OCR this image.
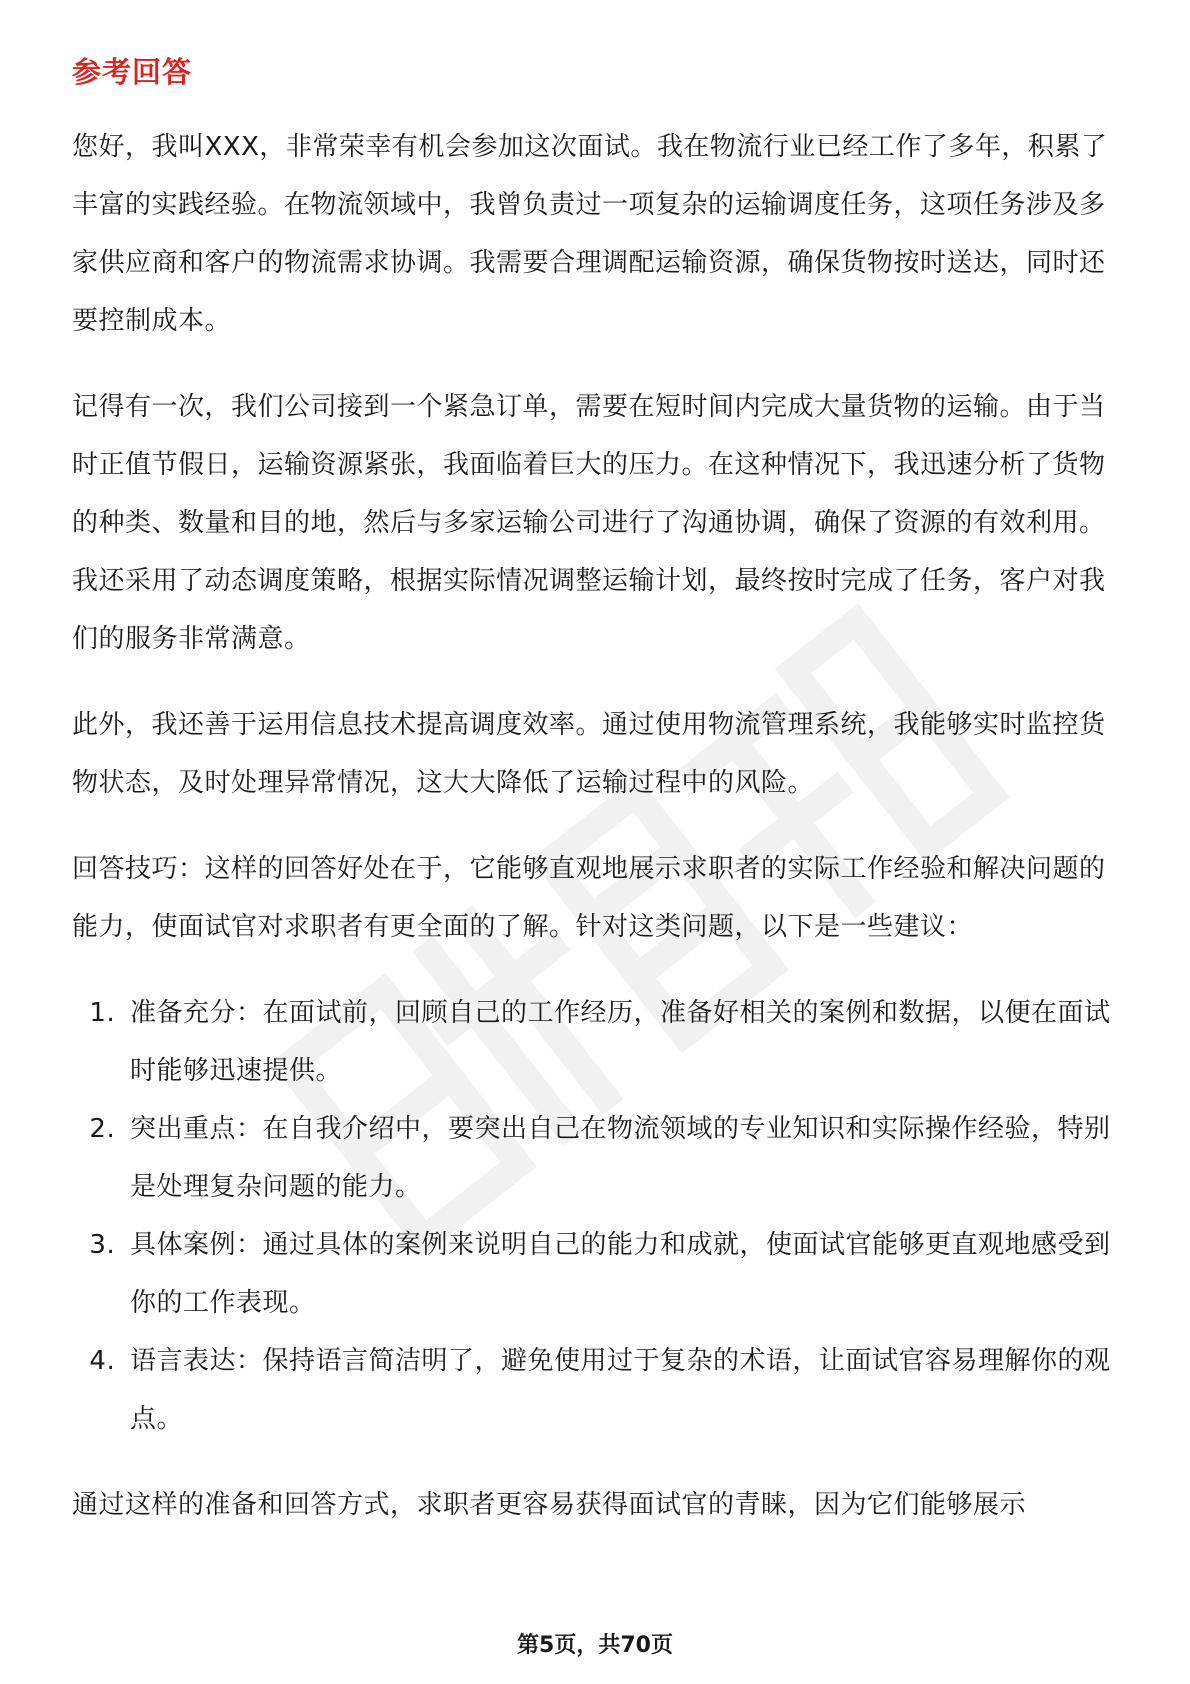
参考回答

您好，我叫XXX，非常荣幸有机会参加这次面试。我在物流行业已经工作了多年，积累了丰富的实践经验。在物流领域中，我曾负责过一项复杂的运输调度任务，这项任务涉及多家供应商和客户的物流需求协调。我需要合理调配运输资源，确保货物按时送达，同时还要控制成本。

记得有一次，我们公司接到一个紧急订单，需要在短时间内完成大量货物的运输。由于当时正值节假日，运输资源紧张，我面临着巨大的压力。在这种情况下，我迅速分析了货物的种类、数量和目的地，然后与多家运输公司进行了沟通协调，确保了资源的有效利用。我还采用了动态调度策略，根据实际情况调整运输计划，最终按时完成了任务，客户对我们的服务非常满意。

此外，我还善于运用信息技术提高调度效率。通过使用物流管理系统，我能够实时监控货物状态，及时处理异常情况，这大大降低了运输过程中的风险。

回答技巧：这样的回答好处在于，它能够直观地展示求职者的实际工作经验和解决问题的能力，使面试官对求职者有更全面的了解。针对这类问题，以下是一些建议：

1. 准备充分：在面试前，回顾自己的工作经历，准备好相关的案例和数据，以便在面试时能够迅速提供。
2. 突出重点：在自我介绍中，要突出自己在物流领域的专业知识和实际操作经验，特别是处理复杂问题的能力。
3. 具体案例：通过具体的案例来说明自己的能力和成就，使面试官能够更直观地感受到你的工作表现。
4. 语言表达：保持语言简洁明了，避免使用过于复杂的术语，让面试官容易理解你的观点。

通过这样的准备和回答方式，求职者更容易获得面试官的青睐，因为它们能够展示

第5页，共70页
